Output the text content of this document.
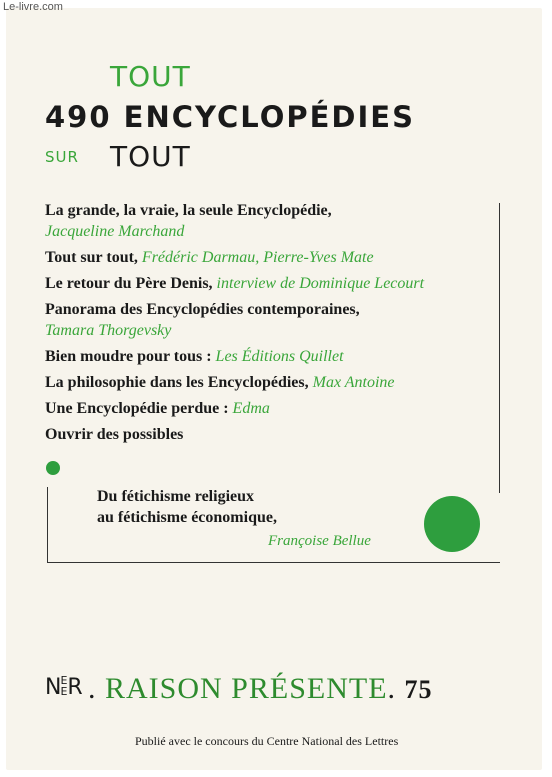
Le-livre.com
TOUT
490 ENCYCLOPÉDIES
SUR TOUT
La grande, la vraie, la seule Encyclopédie,
Jacqueline Marchand
Tout sur tout, Frédéric Darmau, Pierre-Yves Mate
Le retour du Père Denis, interview de Dominique Lecourt
Panorama des Encyclopédies contemporaines,
Tamara Thorgevsky
Bien moudre pour tous : Les Éditions Quillet
La philosophie dans les Encyclopédies, Max Antoine
Une Encyclopédie perdue : Edma
Ouvrir des possibles
Du fétichisme religieux
au fétichisme économique,
Françoise Bellue
NE
ER . RAISON PRÉSENTE. 75
Publié avec le concours du Centre National des Lettres
